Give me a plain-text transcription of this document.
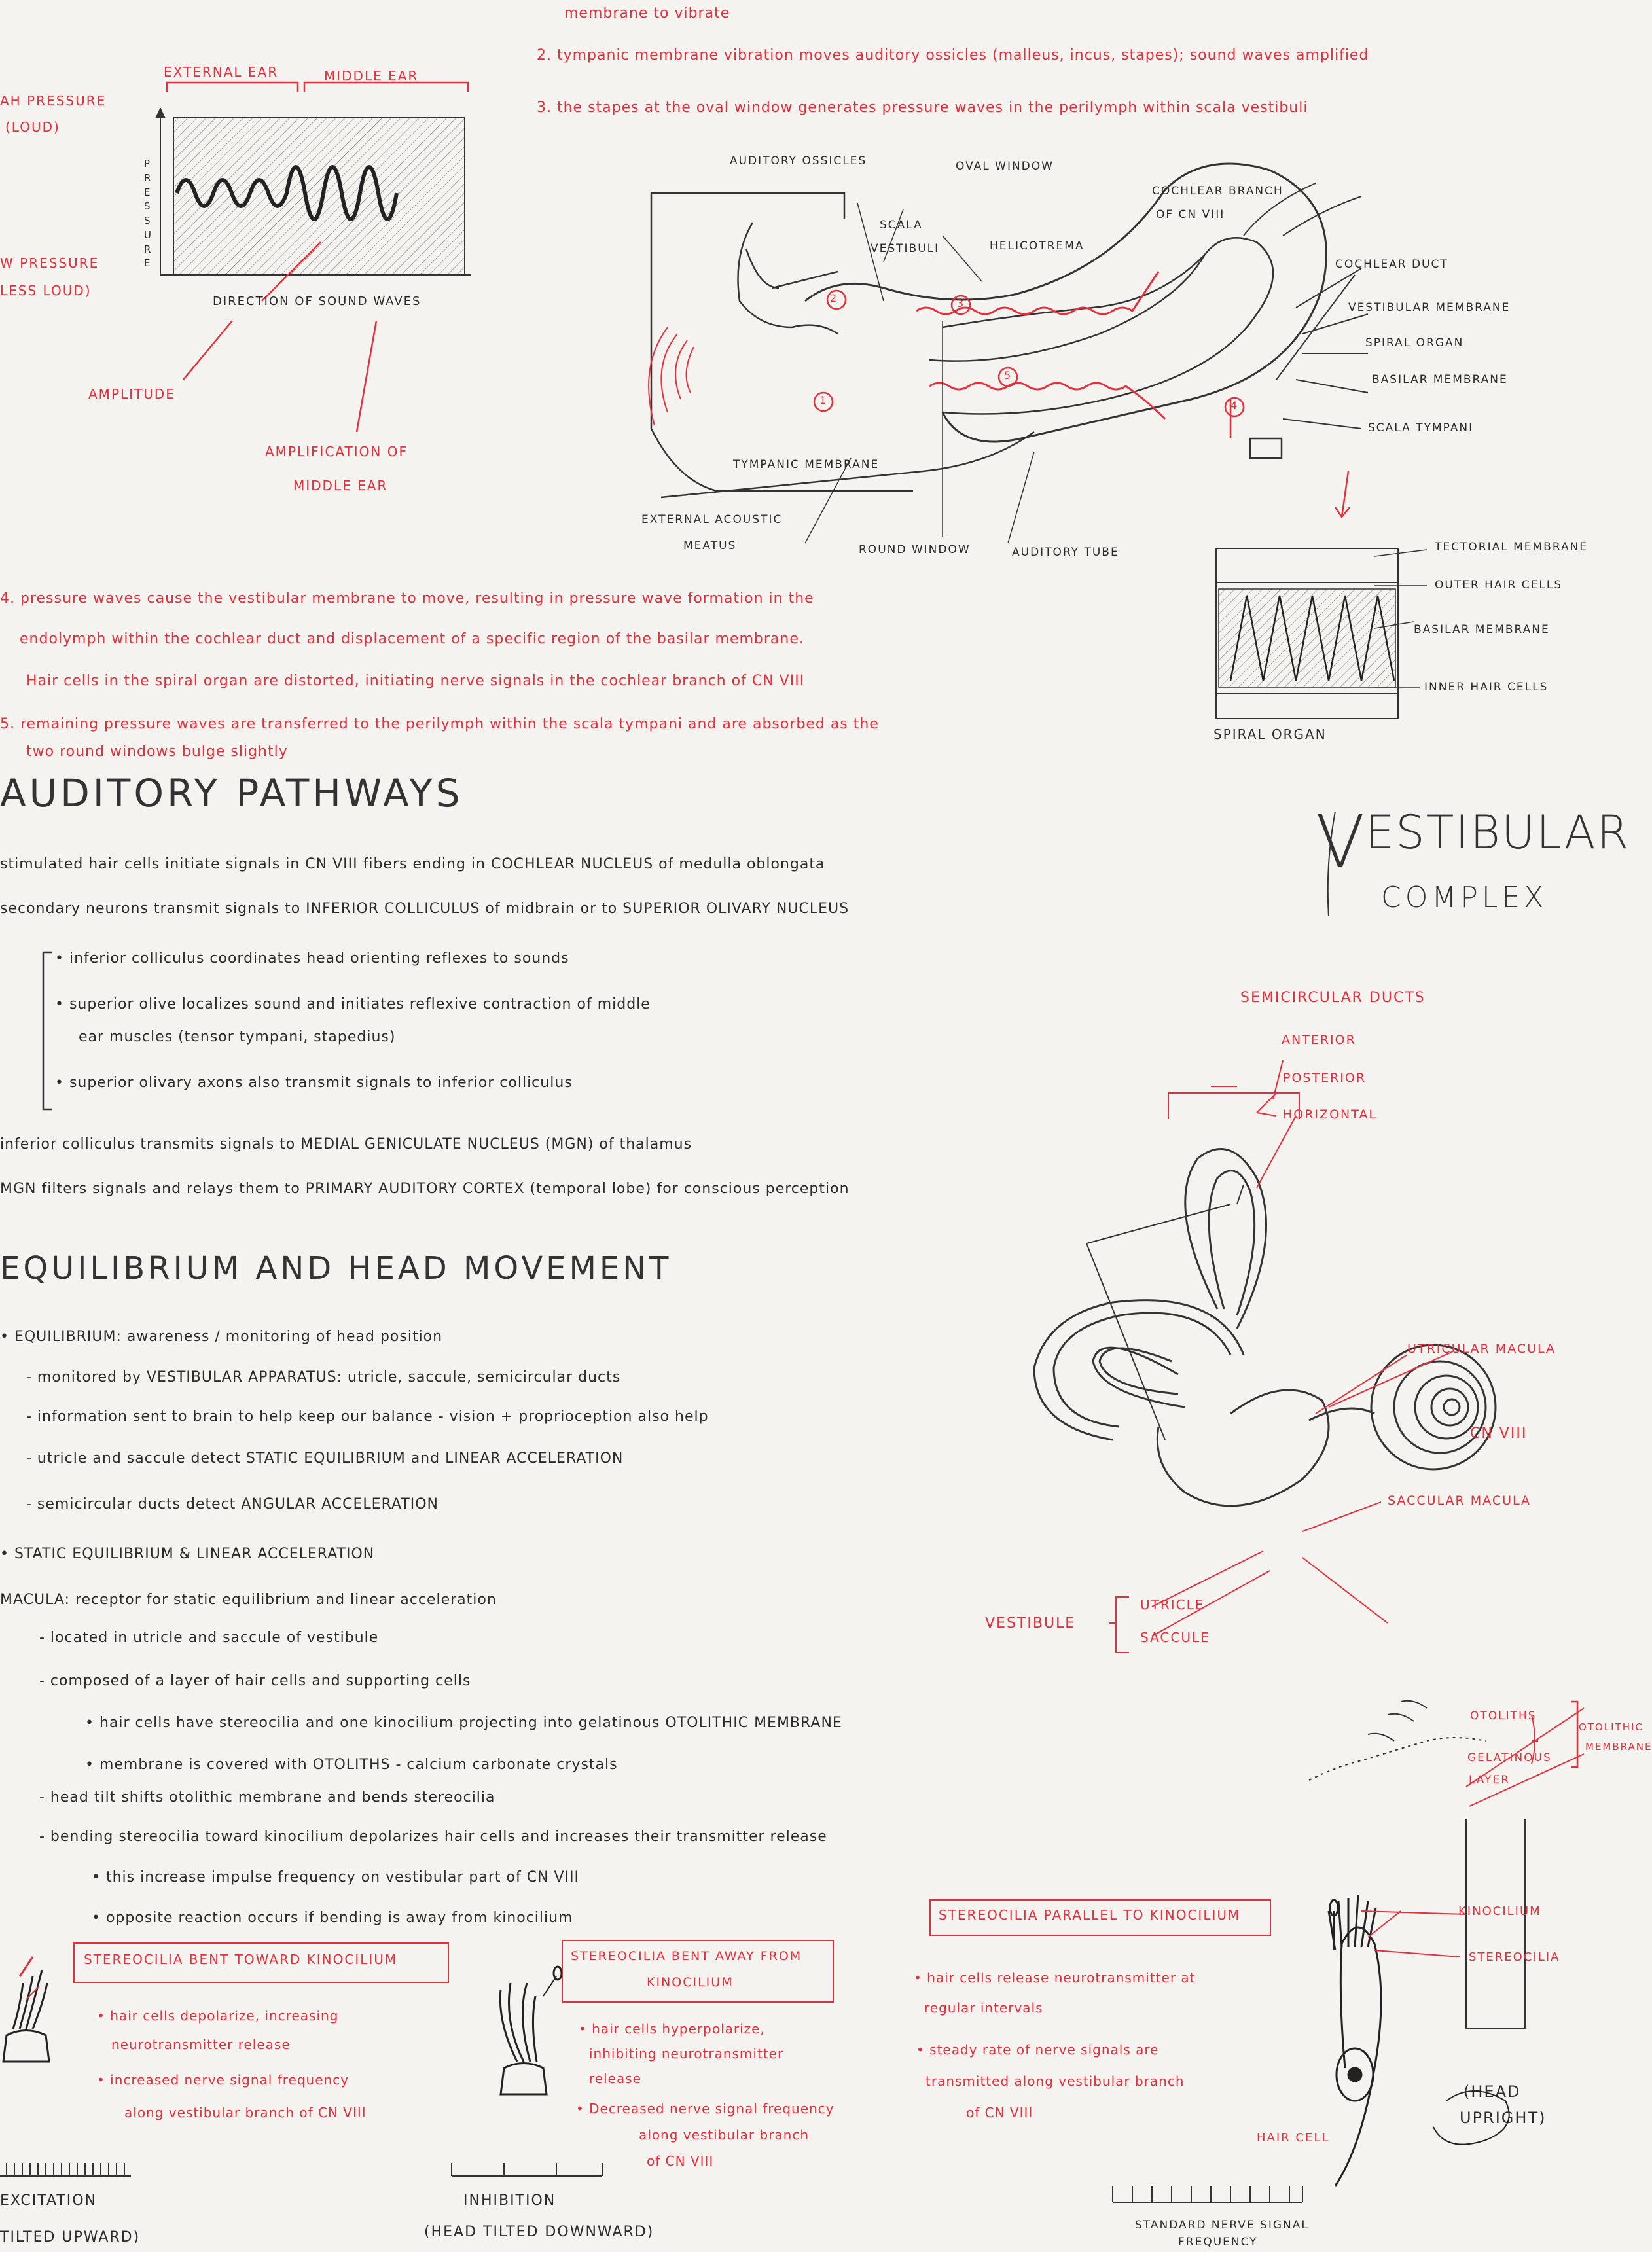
membrane to vibrate
2. tympanic membrane vibration moves auditory ossicles (malleus, incus, stapes); sound waves amplified
3. the stapes at the oval window generates pressure waves in the perilymph within scala vestibuli
EXTERNAL EAR	MIDDLE EAR
AH PRESSURE
(LOUD)
W PRESSURE
LESS LOUD)
PRESSURE
DIRECTION OF SOUND WAVES
AMPLITUDE
AMPLIFICATION OF
MIDDLE EAR
AUDITORY OSSICLES	OVAL WINDOW
COCHLEAR BRANCH
OF CN VIII
SCALA
VESTIBULI	HELICOTREMA
COCHLEAR DUCT
VESTIBULAR MEMBRANE
SPIRAL ORGAN
BASILAR MEMBRANE
SCALA TYMPANI
TYMPANIC MEMBRANE
EXTERNAL ACOUSTIC
MEATUS	ROUND WINDOW	AUDITORY TUBE
2
1
3
4
5
TECTORIAL MEMBRANE
OUTER HAIR CELLS
BASILAR MEMBRANE
INNER HAIR CELLS
SPIRAL ORGAN
4. pressure waves cause the vestibular membrane to move, resulting in pressure wave formation in the
endolymph within the cochlear duct and displacement of a specific region of the basilar membrane.
Hair cells in the spiral organ are distorted, initiating nerve signals in the cochlear branch of CN VIII
5. remaining pressure waves are transferred to the perilymph within the scala tympani and are absorbed as the
two round windows bulge slightly
AUDITORY PATHWAYS
stimulated hair cells initiate signals in CN VIII fibers ending in COCHLEAR NUCLEUS of medulla oblongata
secondary neurons transmit signals to INFERIOR COLLICULUS of midbrain or to SUPERIOR OLIVARY NUCLEUS
• inferior colliculus coordinates head orienting reflexes to sounds
• superior olive localizes sound and initiates reflexive contraction of middle
ear muscles (tensor tympani, stapedius)
• superior olivary axons also transmit signals to inferior colliculus
inferior colliculus transmits signals to MEDIAL GENICULATE NUCLEUS (MGN) of thalamus
MGN filters signals and relays them to PRIMARY AUDITORY CORTEX (temporal lobe) for conscious perception
V ESTIBULAR
COMPLEX
SEMICIRCULAR DUCTS
ANTERIOR
POSTERIOR
HORIZONTAL
UTRICULAR MACULA
CN VIII
SACCULAR MACULA
VESTIBULE
UTRICLE
SACCULE
EQUILIBRIUM AND HEAD MOVEMENT
• EQUILIBRIUM: awareness / monitoring of head position
- monitored by VESTIBULAR APPARATUS: utricle, saccule, semicircular ducts
- information sent to brain to help keep our balance - vision + proprioception also help
- utricle and saccule detect STATIC EQUILIBRIUM and LINEAR ACCELERATION
- semicircular ducts detect ANGULAR ACCELERATION
• STATIC EQUILIBRIUM & LINEAR ACCELERATION
MACULA: receptor for static equilibrium and linear acceleration
- located in utricle and saccule of vestibule
- composed of a layer of hair cells and supporting cells
• hair cells have stereocilia and one kinocilium projecting into gelatinous OTOLITHIC MEMBRANE
• membrane is covered with OTOLITHS - calcium carbonate crystals
- head tilt shifts otolithic membrane and bends stereocilia
- bending stereocilia toward kinocilium depolarizes hair cells and increases their transmitter release
• this increase impulse frequency on vestibular part of CN VIII
• opposite reaction occurs if bending is away from kinocilium
OTOLITHS
GELATINOUS
LAYER
OTOLITHIC
MEMBRANE
KINOCILIUM
STEREOCILIA
HAIR CELL
(HEAD
UPRIGHT)
STEREOCILIA BENT TOWARD KINOCILIUM
• hair cells depolarize, increasing
neurotransmitter release
• increased nerve signal frequency
along vestibular branch of CN VIII
EXCITATION
TILTED UPWARD)
STEREOCILIA BENT AWAY FROM
KINOCILIUM
• hair cells hyperpolarize,
inhibiting neurotransmitter
release
• Decreased nerve signal frequency
along vestibular branch
of CN VIII
INHIBITION
(HEAD TILTED DOWNWARD)
STEREOCILIA PARALLEL TO KINOCILIUM
• hair cells release neurotransmitter at
regular intervals
• steady rate of nerve signals are
transmitted along vestibular branch
of CN VIII
STANDARD NERVE SIGNAL
FREQUENCY
